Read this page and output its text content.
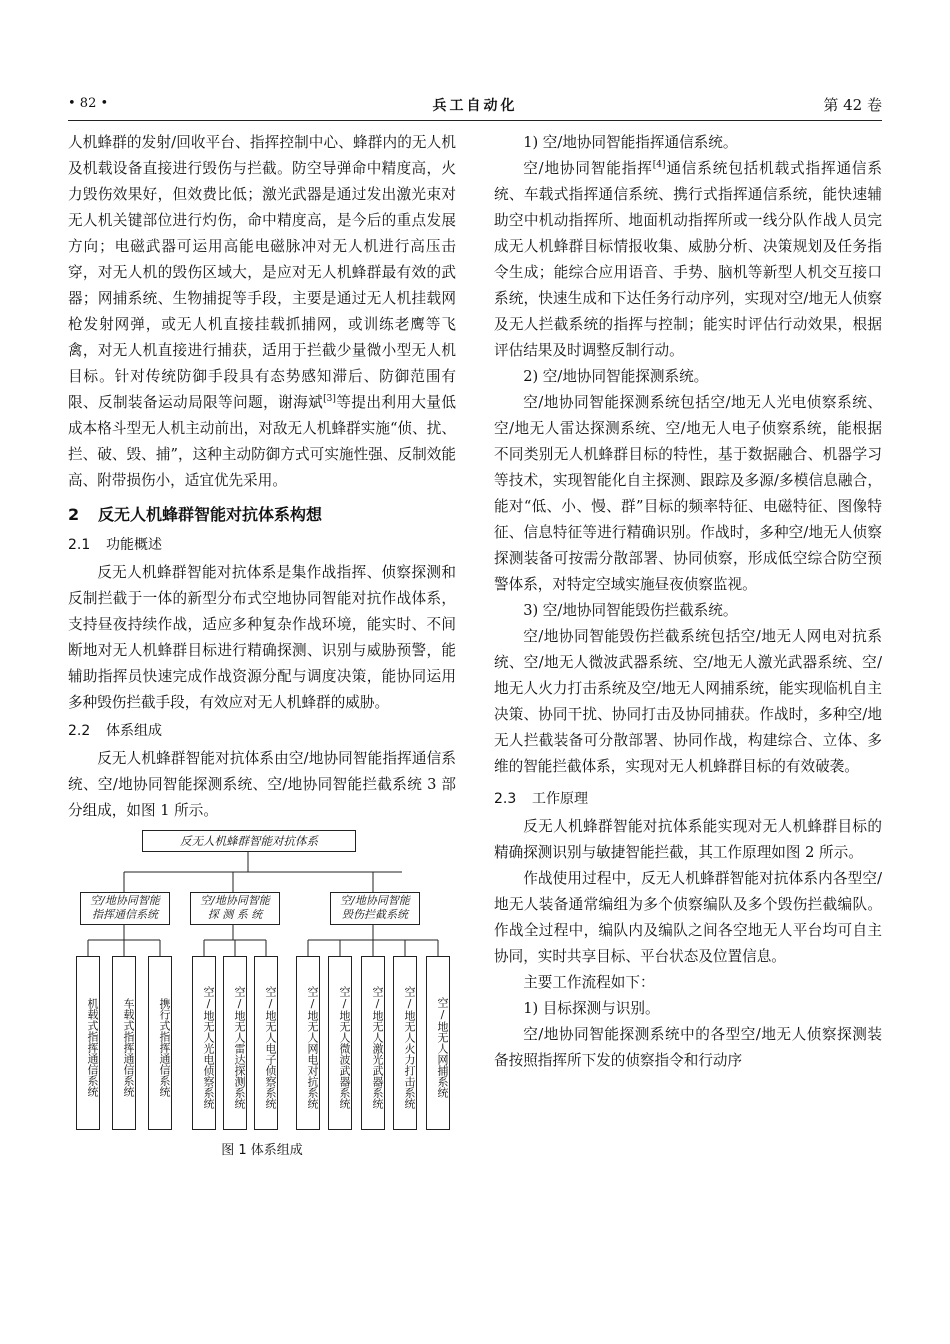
• 82 •	兵工自动化	第 42 卷

人机蜂群的发射/回收平台、指挥控制中心、蜂群内的无人机及机载设备直接进行毁伤与拦截。防空导弹命中精度高，火力毁伤效果好，但效费比低；激光武器是通过发出激光束对无人机关键部位进行灼伤，命中精度高，是今后的重点发展方向；电磁武器可运用高能电磁脉冲对无人机进行高压击穿，对无人机的毁伤区域大，是应对无人机蜂群最有效的武器；网捕系统、生物捕捉等手段，主要是通过无人机挂载网枪发射网弹，或无人机直接挂载抓捕网，或训练老鹰等飞禽，对无人机直接进行捕获，适用于拦截少量微小型无人机目标。针对传统防御手段具有态势感知滞后、防御范围有限、反制装备运动局限等问题，谢海斌[3]等提出利用大量低成本格斗型无人机主动前出，对敌无人机蜂群实施“侦、扰、拦、破、毁、捕”，这种主动防御方式可实施性强、反制效能高、附带损伤小，适宜优先采用。

2 反无人机蜂群智能对抗体系构想
2.1 功能概述

反无人机蜂群智能对抗体系是集作战指挥、侦察探测和反制拦截于一体的新型分布式空地协同智能对抗作战体系，支持昼夜持续作战，适应多种复杂作战环境，能实时、不间断地对无人机蜂群目标进行精确探测、识别与威胁预警，能辅助指挥员快速完成作战资源分配与调度决策，能协同运用多种毁伤拦截手段，有效应对无人机蜂群的威胁。

2.2 体系组成

反无人机蜂群智能对抗体系由空/地协同智能指挥通信系统、空/地协同智能探测系统、空/地协同智能拦截系统 3 部分组成，如图 1 所示。

反无人机蜂群智能对抗体系
空/地协同智能
指挥通信系统
空/地协同智能
探 测 系 统
空/地协同智能
毁伤拦截系统
机载式指挥通信系统	车载式指挥通信系统	携行式指挥通信系统	空/地无人光电侦察系统	空/地无人雷达探测系统	空/地无人电子侦察系统	空/地无人网电对抗系统	空/地无人微波武器系统	空/地无人激光武器系统	空/地无人火力打击系统	空/地无人网捕系统
图 1 体系组成

1) 空/地协同智能指挥通信系统。

空/地协同智能指挥[4]通信系统包括机载式指挥通信系统、车载式指挥通信系统、携行式指挥通信系统，能快速辅助空中机动指挥所、地面机动指挥所或一线分队作战人员完成无人机蜂群目标情报收集、威胁分析、决策规划及任务指令生成；能综合应用语音、手势、脑机等新型人机交互接口系统，快速生成和下达任务行动序列，实现对空/地无人侦察及无人拦截系统的指挥与控制；能实时评估行动效果，根据评估结果及时调整反制行动。

2) 空/地协同智能探测系统。

空/地协同智能探测系统包括空/地无人光电侦察系统、空/地无人雷达探测系统、空/地无人电子侦察系统，能根据不同类别无人机蜂群目标的特性，基于数据融合、机器学习等技术，实现智能化自主探测、跟踪及多源/多模信息融合，能对“低、小、慢、群”目标的频率特征、电磁特征、图像特征、信息特征等进行精确识别。作战时，多种空/地无人侦察探测装备可按需分散部署、协同侦察，形成低空综合防空预警体系，对特定空域实施昼夜侦察监视。

3) 空/地协同智能毁伤拦截系统。

空/地协同智能毁伤拦截系统包括空/地无人网电对抗系统、空/地无人微波武器系统、空/地无人激光武器系统、空/地无人火力打击系统及空/地无人网捕系统，能实现临机自主决策、协同干扰、协同打击及协同捕获。作战时，多种空/地无人拦截装备可分散部署、协同作战，构建综合、立体、多维的智能拦截体系，实现对无人机蜂群目标的有效破袭。

2.3 工作原理

反无人机蜂群智能对抗体系能实现对无人机蜂群目标的精确探测识别与敏捷智能拦截，其工作原理如图 2 所示。

作战使用过程中，反无人机蜂群智能对抗体系内各型空/地无人装备通常编组为多个侦察编队及多个毁伤拦截编队。作战全过程中，编队内及编队之间各空地无人平台均可自主协同，实时共享目标、平台状态及位置信息。

主要工作流程如下：

1) 目标探测与识别。

空/地协同智能探测系统中的各型空/地无人侦察探测装备按照指挥所下发的侦察指令和行动序
